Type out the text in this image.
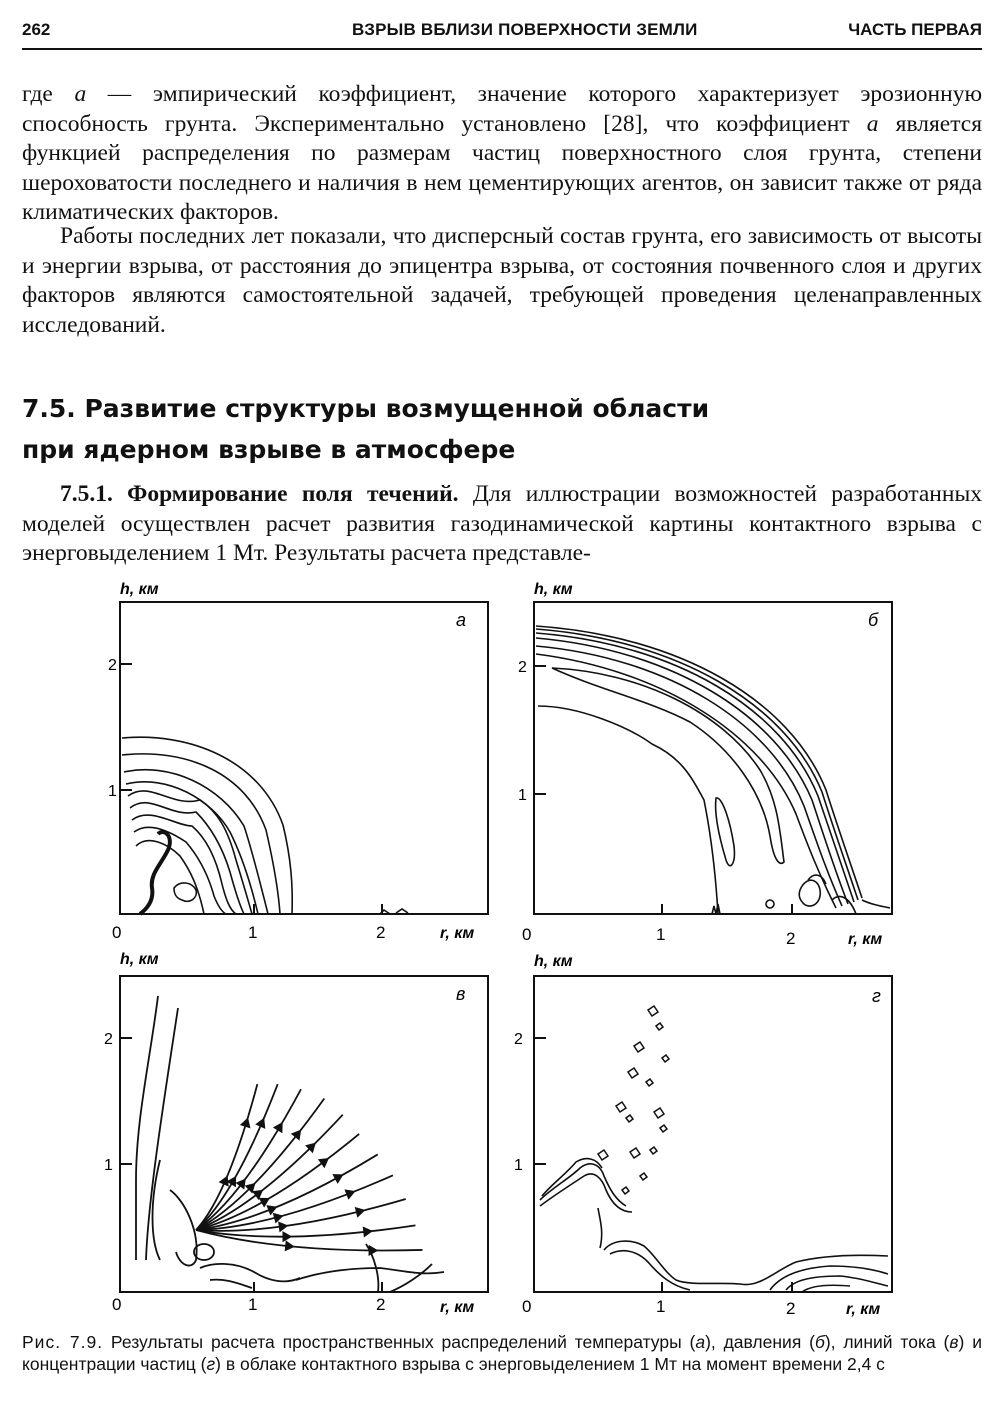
262	ВЗРЫВ ВБЛИЗИ ПОВЕРХНОСТИ ЗЕМЛИ	ЧАСТЬ ПЕРВАЯ

где a — эмпирический коэффициент, значение которого характеризует эрозионную способность грунта. Экспериментально установлено [28], что коэффициент a является функцией распределения по размерам частиц поверхностного слоя грунта, степени шероховатости последнего и наличия в нем цементирующих агентов, он зависит также от ряда климатических факторов.

Работы последних лет показали, что дисперсный состав грунта, его зависимость от высоты и энергии взрыва, от расстояния до эпицентра взрыва, от состояния почвенного слоя и других факторов являются самостоятельной задачей, требующей проведения целенаправленных исследований.

7.5. Развитие структуры возмущенной области
при ядерном взрыве в атмосфере

7.5.1. Формирование поля течений. Для иллюстрации возможностей разработанных моделей осуществлен расчет развития газодинамической картины контактного взрыва с энерговыделением 1 Мт. Результаты расчета представле-

h, км
а
2
1
0	1	2	r, км
h, км
б
2
1
0	1	2	r, км
h, км
в
2
1
0	1	2	r, км
h, км
г
2
1
0	1	2	r, км

Рис. 7.9. Результаты расчета пространственных распределений температуры (а), давления (б), линий тока (в) и концентрации частиц (г) в облаке контактного взрыва с энерговыделением 1 Мт на момент времени 2,4 с
